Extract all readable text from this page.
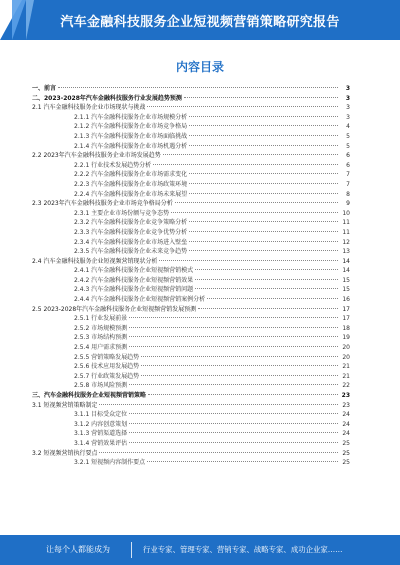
汽车金融科技服务企业短视频营销策略研究报告
内容目录
一、前言	3
二、2023-2028年汽车金融科技服务行业发展趋势预测	3
2.1 汽车金融科技服务企业市场现状与挑战	3
2.1.1 汽车金融科技服务企业市场规模分析	3
2.1.2 汽车金融科技服务企业市场竞争格局	4
2.1.3 汽车金融科技服务企业市场面临挑战	5
2.1.4 汽车金融科技服务企业市场机遇分析	5
2.2 2023年汽车金融科技服务企业市场发展趋势	6
2.2.1 行业技术发展趋势分析	6
2.2.2 汽车金融科技服务企业市场需求变化	7
2.2.3 汽车金融科技服务企业市场政策环境	7
2.2.4 汽车金融科技服务企业市场未来展望	8
2.3 2023年汽车金融科技服务企业市场竞争格局分析	9
2.3.1 主要企业市场份额与竞争态势	10
2.3.2 汽车金融科技服务企业竞争策略分析	11
2.3.3 汽车金融科技服务企业竞争优势分析	11
2.3.4 汽车金融科技服务企业市场进入壁垒	12
2.3.5 汽车金融科技服务企业未来竞争趋势	13
2.4 汽车金融科技服务企业短视频营销现状分析	14
2.4.1 汽车金融科技服务企业短视频营销模式	14
2.4.2 汽车金融科技服务企业短视频营销效果	15
2.4.3 汽车金融科技服务企业短视频营销问题	15
2.4.4 汽车金融科技服务企业短视频营销案例分析	16
2.5 2023-2028年汽车金融科技服务企业短视频营销发展预测	17
2.5.1 行业发展前景	17
2.5.2 市场规模预测	18
2.5.3 市场结构预测	19
2.5.4 用户需求预测	20
2.5.5 营销策略发展趋势	20
2.5.6 技术应用发展趋势	21
2.5.7 行业政策发展趋势	21
2.5.8 市场风险预测	22
三、汽车金融科技服务企业短视频营销策略	23
3.1 短视频营销策略制定	23
3.1.1 目标受众定位	24
3.1.2 内容创意策划	24
3.1.3 营销渠道选择	24
3.1.4 营销效果评估	25
3.2 短视频营销执行要点	25
3.2.1 短视频内容制作要点	25
让每个人都能成为	行业专家、管理专家、营销专家、战略专家、成功企业家……
